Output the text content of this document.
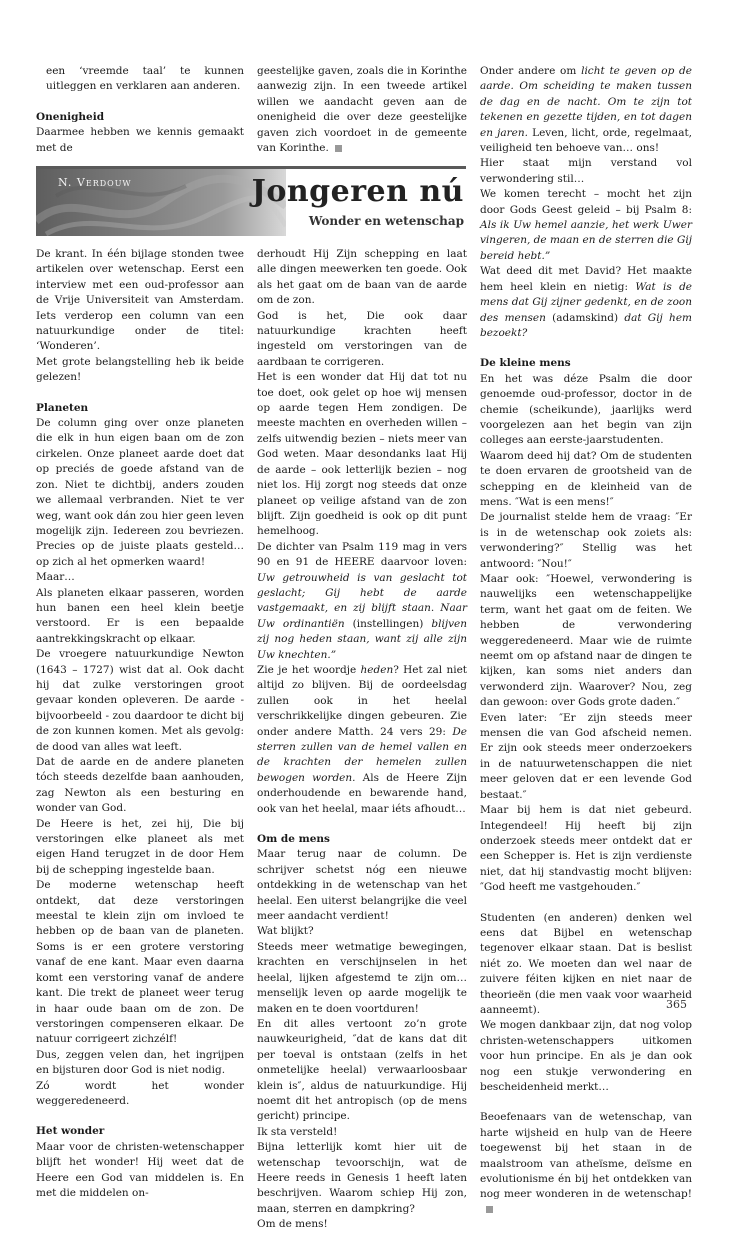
een ‘vreemde taal’ te kunnen uitleggen en verklaren aan anderen.

Onenigheid

Daarmee hebben we kennis gemaakt met de

geestelijke gaven, zoals die in Korinthe aanwezig zijn. In een tweede artikel willen we aandacht geven aan de onenigheid die over deze geestelijke gaven zich voordoet in de gemeente van Korinthe.

N. Verdouw	Jongeren nú
Wonder en wetenschap

De krant. In één bijlage stonden twee artikelen over wetenschap. Eerst een interview met een oud-professor aan de Vrije Universiteit van Amsterdam. Iets verderop een column van een natuurkundige onder de titel: ‘Wonderen’.

Met grote belangstelling heb ik beide gelezen!

Planeten

De column ging over onze planeten die elk in hun eigen baan om de zon cirkelen. Onze planeet aarde doet dat op preciés de goede afstand van de zon. Niet te dichtbij, anders zouden we allemaal verbranden. Niet te ver weg, want ook dán zou hier geen leven mogelijk zijn. Iedereen zou bevriezen. Precies op de juiste plaats gesteld… op zich al het opmerken waard!

Maar…

Als planeten elkaar passeren, worden hun banen een heel klein beetje verstoord. Er is een bepaalde aantrekkingskracht op elkaar.

De vroegere natuurkundige Newton (1643 – 1727) wist dat al. Ook dacht hij dat zulke verstoringen groot gevaar konden opleveren. De aarde - bijvoorbeeld - zou daardoor te dicht bij de zon kunnen komen. Met als gevolg: de dood van alles wat leeft.

Dat de aarde en de andere planeten tóch steeds dezelfde baan aanhouden, zag Newton als een besturing en wonder van God.

De Heere is het, zei hij, Die bij verstoringen elke planeet als met eigen Hand terugzet in de door Hem bij de schepping ingestelde baan.

De moderne wetenschap heeft ontdekt, dat deze verstoringen meestal te klein zijn om invloed te hebben op de baan van de planeten. Soms is er een grotere verstoring vanaf de ene kant. Maar even daarna komt een verstoring vanaf de andere kant. Die trekt de planeet weer terug in haar oude baan om de zon. De verstoringen compenseren elkaar. De natuur corrigeert zichzélf!

Dus, zeggen velen dan, het ingrijpen en bijsturen door God is niet nodig.

Zó wordt het wonder weggeredeneerd.

Het wonder

Maar voor de christen-wetenschapper blijft het wonder! Hij weet dat de Heere een God van middelen is. En met die middelen on-

derhoudt Hij Zijn schepping en laat alle dingen meewerken ten goede. Ook als het gaat om de baan van de aarde om de zon.

God is het, Die ook daar natuurkundige krachten heeft ingesteld om verstoringen van de aardbaan te corrigeren.

Het is een wonder dat Hij dat tot nu toe doet, ook gelet op hoe wij mensen op aarde tegen Hem zondigen. De meeste machten en overheden willen – zelfs uitwendig bezien – niets meer van God weten. Maar desondanks laat Hij de aarde – ook letterlijk bezien – nog niet los. Hij zorgt nog steeds dat onze planeet op veilige afstand van de zon blijft. Zijn goedheid is ook op dit punt hemelhoog.

De dichter van Psalm 119 mag in vers 90 en 91 de HEERE daarvoor loven: Uw getrouwheid is van geslacht tot geslacht; Gij hebt de aarde vastgemaakt, en zij blijft staan. Naar Uw ordinantiën (instellingen) blijven zij nog heden staan, want zij alle zijn Uw knechten.”

Zie je het woordje heden? Het zal niet altijd zo blijven. Bij de oordeelsdag zullen ook in het heelal verschrikkelijke dingen gebeuren. Zie onder andere Matth. 24 vers 29: De sterren zullen van de hemel vallen en de krachten der hemelen zullen bewogen worden. Als de Heere Zijn onderhoudende en bewarende hand, ook van het heelal, maar iéts afhoudt…

Om de mens

Maar terug naar de column. De schrijver schetst nóg een nieuwe ontdekking in de wetenschap van het heelal. Een uiterst belangrijke die veel meer aandacht verdient!

Wat blijkt?

Steeds meer wetmatige bewegingen, krachten en verschijnselen in het heelal, lijken afgestemd te zijn om… menselijk leven op aarde mogelijk te maken en te doen voortduren!

En dit alles vertoont zo’n grote nauwkeurigheid, ″dat de kans dat dit per toeval is ontstaan (zelfs in het onmetelijke heelal) verwaarloosbaar klein is″, aldus de natuurkundige. Hij noemt dit het antropisch (op de mens gericht) principe.

Ik sta versteld!

Bijna letterlijk komt hier uit de wetenschap tevoorschijn, wat de Heere reeds in Genesis 1 heeft laten beschrijven. Waarom schiep Hij zon, maan, sterren en dampkring?

Om de mens!

Onder andere om licht te geven op de aarde. Om scheiding te maken tussen de dag en de nacht. Om te zijn tot tekenen en gezette tijden, en tot dagen en jaren. Leven, licht, orde, regelmaat, veiligheid ten behoeve van… ons!

Hier staat mijn verstand vol verwondering stil…

We komen terecht – mocht het zijn door Gods Geest geleid – bij Psalm 8: Als ik Uw hemel aanzie, het werk Uwer vingeren, de maan en de sterren die Gij bereid hebt.”

Wat deed dit met David? Het maakte hem heel klein en nietig: Wat is de mens dat Gij zijner gedenkt, en de zoon des mensen (adamskind) dat Gij hem bezoekt?

De kleine mens

En het was déze Psalm die door genoemde oud-professor, doctor in de chemie (scheikunde), jaarlijks werd voorgelezen aan het begin van zijn colleges aan eerste-jaarstudenten.

Waarom deed hij dat? Om de studenten te doen ervaren de grootsheid van de schepping en de kleinheid van de mens. ″Wat is een mens!″

De journalist stelde hem de vraag: ″Er is in de wetenschap ook zoiets als: verwondering?″ Stellig was het antwoord: ″Nou!″

Maar ook: ″Hoewel, verwondering is nauwelijks een wetenschappelijke term, want het gaat om de feiten. We hebben de verwondering weggeredeneerd. Maar wie de ruimte neemt om op afstand naar de dingen te kijken, kan soms niet anders dan verwonderd zijn. Waarover? Nou, zeg dan gewoon: over Gods grote daden.″

Even later: ″Er zijn steeds meer mensen die van God afscheid nemen. Er zijn ook steeds meer onderzoekers in de natuurwetenschappen die niet meer geloven dat er een levende God bestaat.″

Maar bij hem is dat niet gebeurd. Integendeel! Hij heeft bij zijn onderzoek steeds meer ontdekt dat er een Schepper is. Het is zijn verdienste niet, dat hij standvastig mocht blijven: ″God heeft me vastgehouden.″

Studenten (en anderen) denken wel eens dat Bijbel en wetenschap tegenover elkaar staan. Dat is beslist niét zo. We moeten dan wel naar de zuivere féiten kijken en niet naar de theorieën (die men vaak voor waarheid aanneemt).

We mogen dankbaar zijn, dat nog volop christen-wetenschappers uitkomen voor hun principe. En als je dan ook nog een stukje verwondering en bescheidenheid merkt…

Beoefenaars van de wetenschap, van harte wijsheid en hulp van de Heere toegewenst bij het staan in de maalstroom van atheïsme, deïsme en evolutionisme én bij het ontdekken van nog meer wonderen in de wetenschap!

365
